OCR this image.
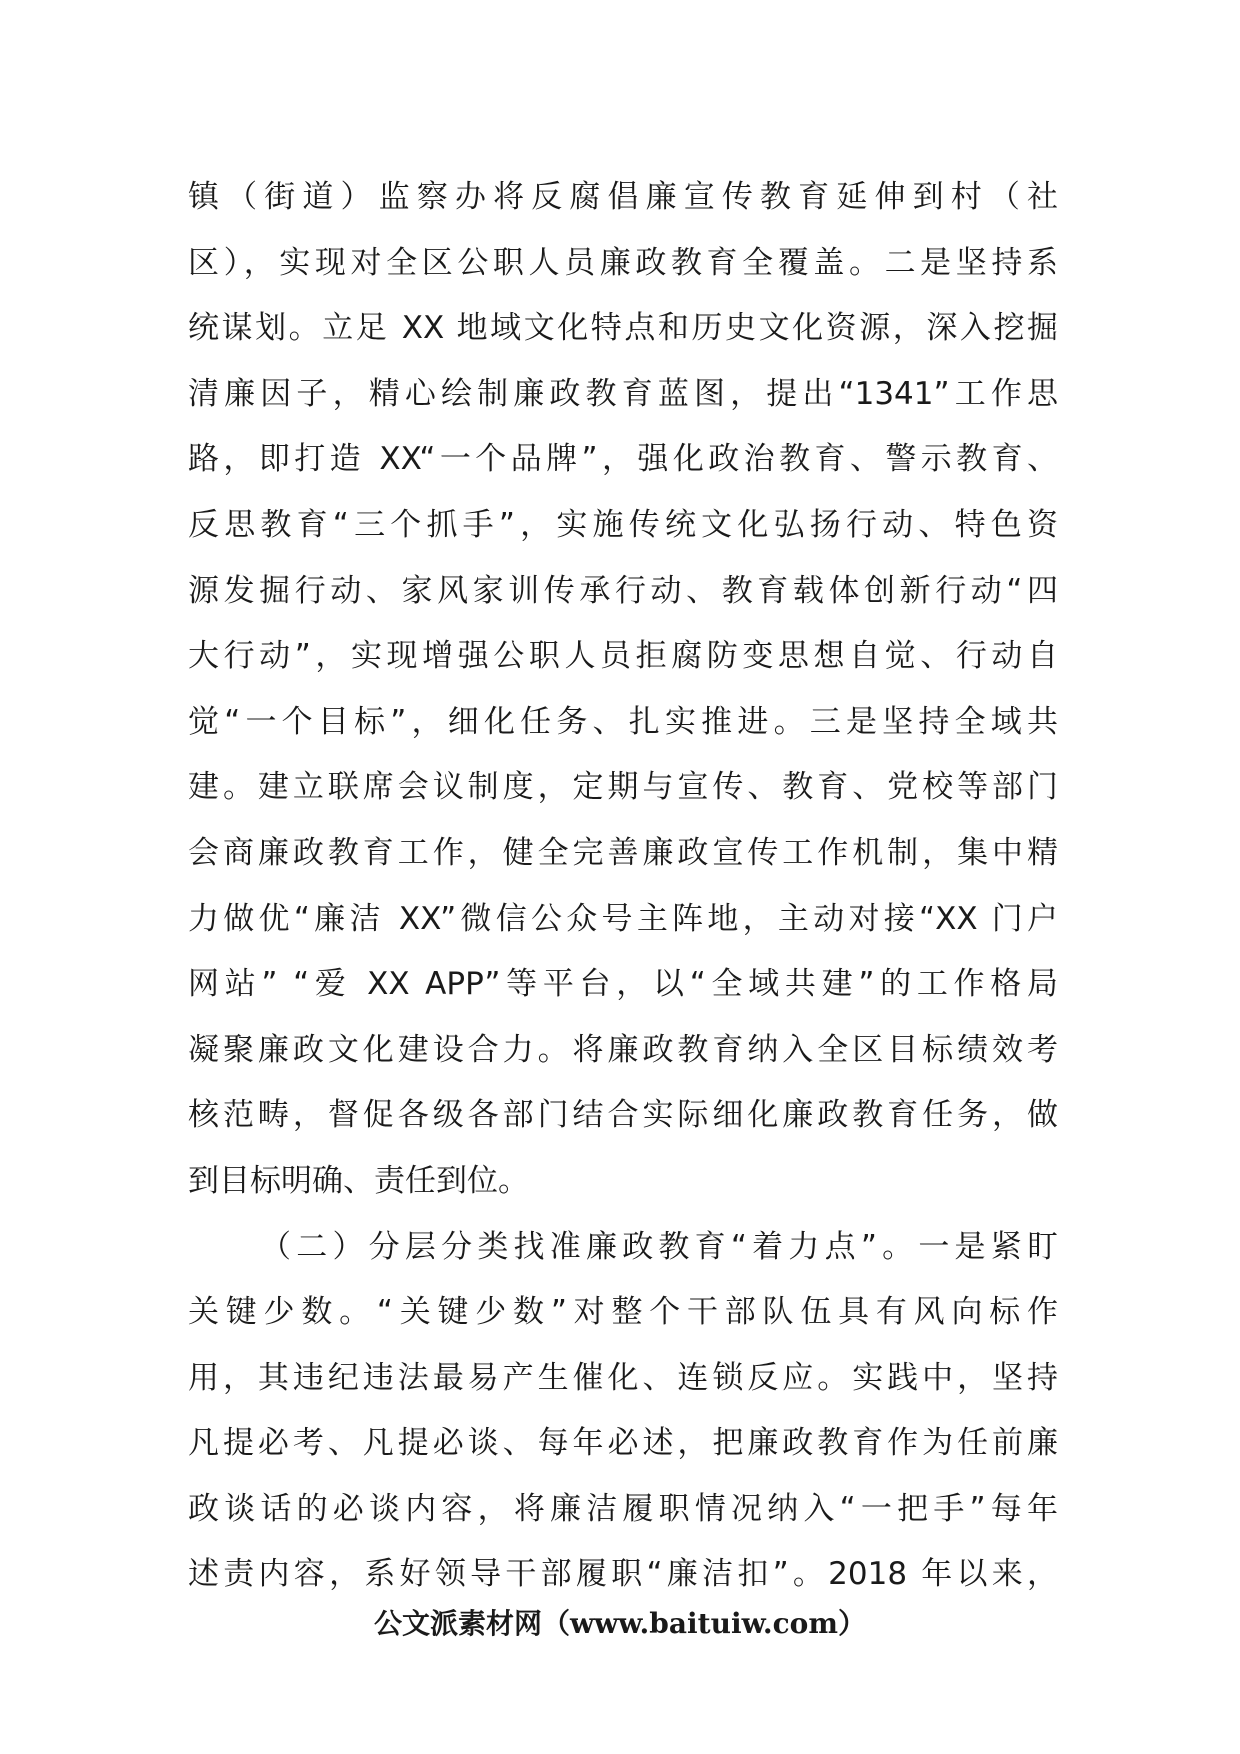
镇（街道）监察办将反腐倡廉宣传教育延伸到村（社
区），实现对全区公职人员廉政教育全覆盖。二是坚持系
统谋划。立足 XX 地域文化特点和历史文化资源，深入挖掘
清廉因子，精心绘制廉政教育蓝图，提出“1341”工作思
路，即打造 XX“一个品牌”，强化政治教育、警示教育、
反思教育“三个抓手”，实施传统文化弘扬行动、特色资
源发掘行动、家风家训传承行动、教育载体创新行动“四
大行动”，实现增强公职人员拒腐防变思想自觉、行动自
觉“一个目标”，细化任务、扎实推进。三是坚持全域共
建。建立联席会议制度，定期与宣传、教育、党校等部门
会商廉政教育工作，健全完善廉政宣传工作机制，集中精
力做优“廉洁 XX”微信公众号主阵地，主动对接“XX 门户
网站” “爱 XX APP”等平台，以“全域共建”的工作格局
凝聚廉政文化建设合力。将廉政教育纳入全区目标绩效考
核范畴，督促各级各部门结合实际细化廉政教育任务，做
到目标明确、责任到位。
（二）分层分类找准廉政教育“着力点”。一是紧盯
关键少数。“关键少数”对整个干部队伍具有风向标作
用，其违纪违法最易产生催化、连锁反应。实践中，坚持
凡提必考、凡提必谈、每年必述，把廉政教育作为任前廉
政谈话的必谈内容，将廉洁履职情况纳入“一把手”每年
述责内容，系好领导干部履职“廉洁扣”。2018 年以来，
公文派素材网（www.baituiw.com）
